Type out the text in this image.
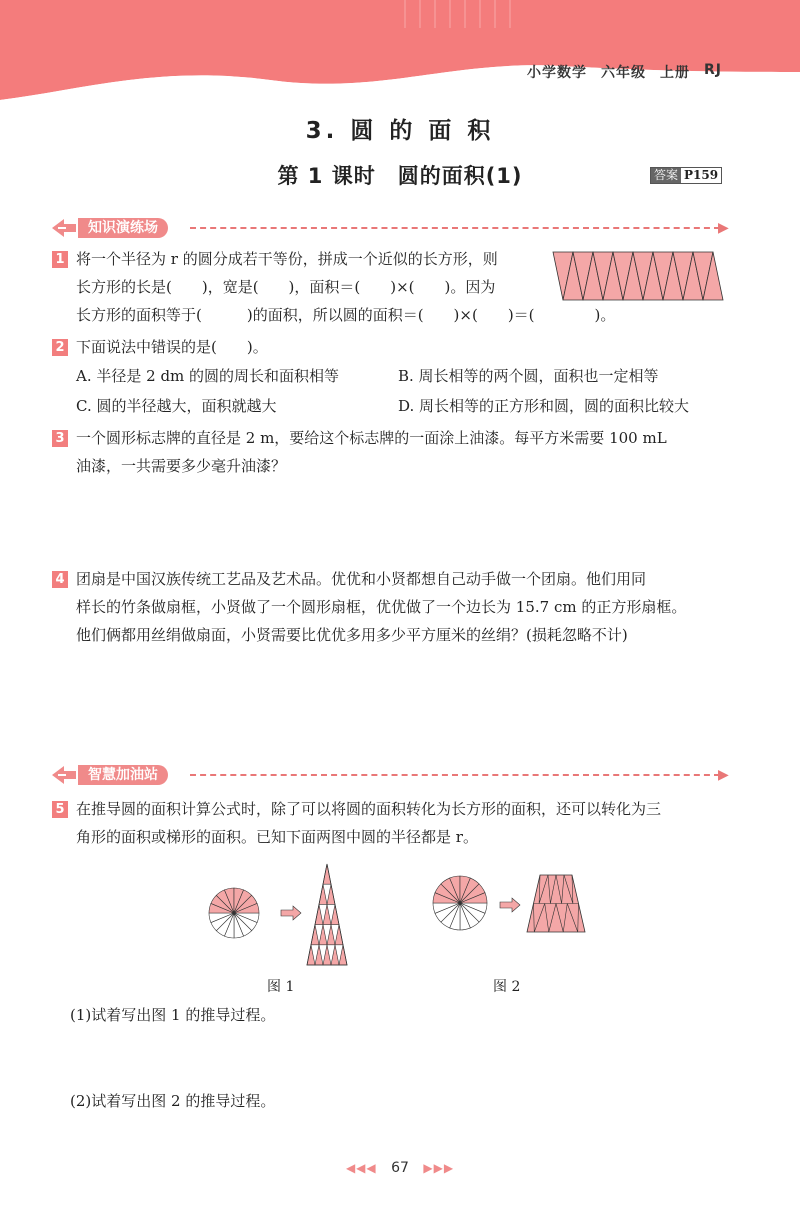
小学数学 六年级 上册 RJ
3. 圆 的 面 积
第 1 课时　圆的面积(1)	答案 P159
知识演练场	▶
1 将一个半径为 r 的圆分成若干等份，拼成一个近似的长方形，则
长方形的长是(　　)，宽是(　　)，面积＝(　　)×(　　)。因为
长方形的面积等于(　　　)的面积，所以圆的面积＝(　　)×(　　)＝(　　　　)。
2 下面说法中错误的是(　　)。
A. 半径是 2 dm 的圆的周长和面积相等	B. 周长相等的两个圆，面积也一定相等
C. 圆的半径越大，面积就越大	D. 周长相等的正方形和圆，圆的面积比较大
3 一个圆形标志牌的直径是 2 m，要给这个标志牌的一面涂上油漆。每平方米需要 100 mL
油漆，一共需要多少毫升油漆？
4 团扇是中国汉族传统工艺品及艺术品。优优和小贤都想自己动手做一个团扇。他们用同
样长的竹条做扇框，小贤做了一个圆形扇框，优优做了一个边长为 15.7 cm 的正方形扇框。
他们俩都用丝绢做扇面，小贤需要比优优多用多少平方厘米的丝绢？(损耗忽略不计)
智慧加油站	▶
5 在推导圆的面积计算公式时，除了可以将圆的面积转化为长方形的面积，还可以转化为三
角形的面积或梯形的面积。已知下面两图中圆的半径都是 r。
图 1	图 2
(1)试着写出图 1 的推导过程。
(2)试着写出图 2 的推导过程。
◀◀◀ 67 ▶▶▶
